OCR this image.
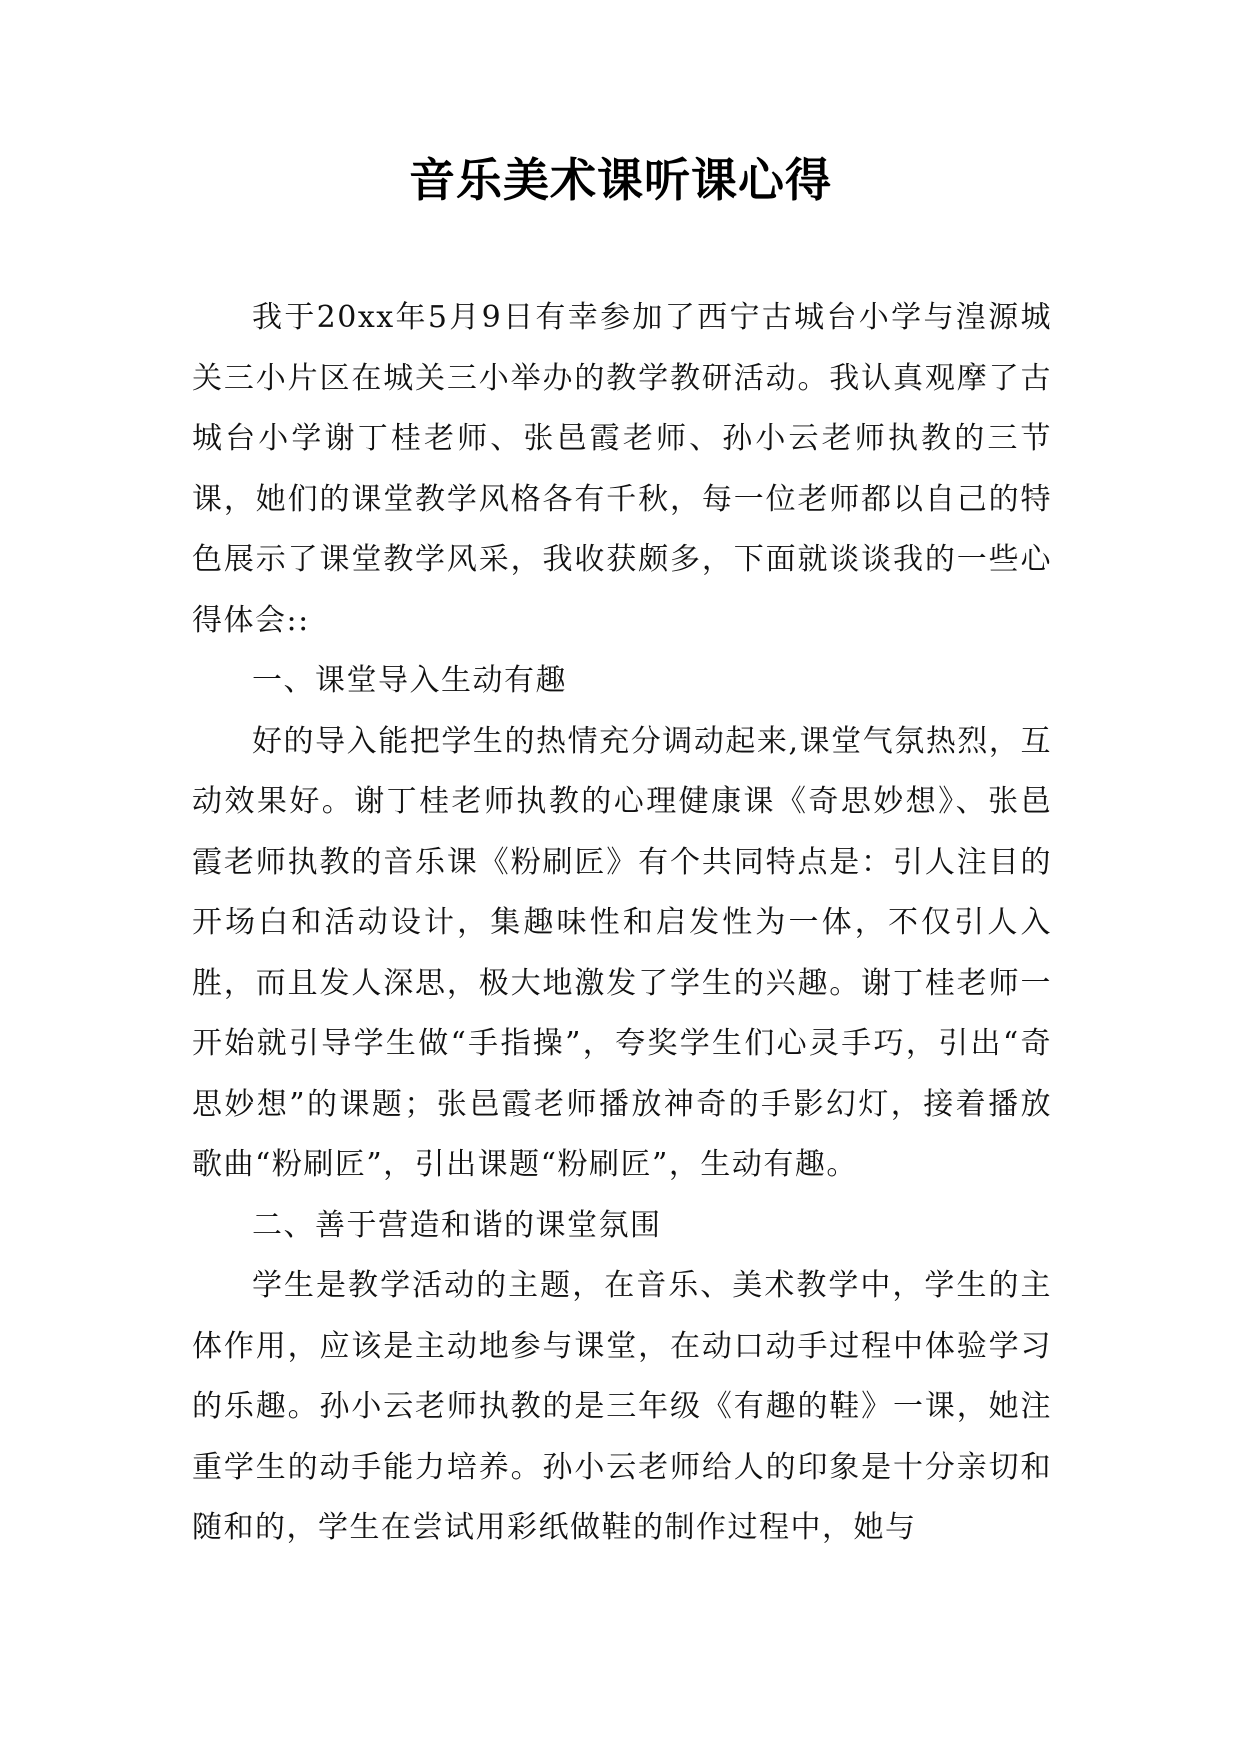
音乐美术课听课心得

我于20xx年5月9日有幸参加了西宁古城台小学与湟源城关三小片区在城关三小举办的教学教研活动。我认真观摩了古城台小学谢丁桂老师、张邑霞老师、孙小云老师执教的三节课，她们的课堂教学风格各有千秋，每一位老师都以自己的特色展示了课堂教学风采，我收获颇多，下面就谈谈我的一些心得体会::

一、课堂导入生动有趣

好的导入能把学生的热情充分调动起来,课堂气氛热烈，互动效果好。谢丁桂老师执教的心理健康课《奇思妙想》、张邑霞老师执教的音乐课《粉刷匠》有个共同特点是：引人注目的开场白和活动设计，集趣味性和启发性为一体，不仅引人入胜，而且发人深思，极大地激发了学生的兴趣。谢丁桂老师一开始就引导学生做“手指操”，夸奖学生们心灵手巧，引出“奇思妙想”的课题；张邑霞老师播放神奇的手影幻灯，接着播放歌曲“粉刷匠”，引出课题“粉刷匠”，生动有趣。

二、善于营造和谐的课堂氛围

学生是教学活动的主题，在音乐、美术教学中，学生的主体作用，应该是主动地参与课堂，在动口动手过程中体验学习的乐趣。孙小云老师执教的是三年级《有趣的鞋》一课，她注重学生的动手能力培养。孙小云老师给人的印象是十分亲切和随和的，学生在尝试用彩纸做鞋的制作过程中，她与
